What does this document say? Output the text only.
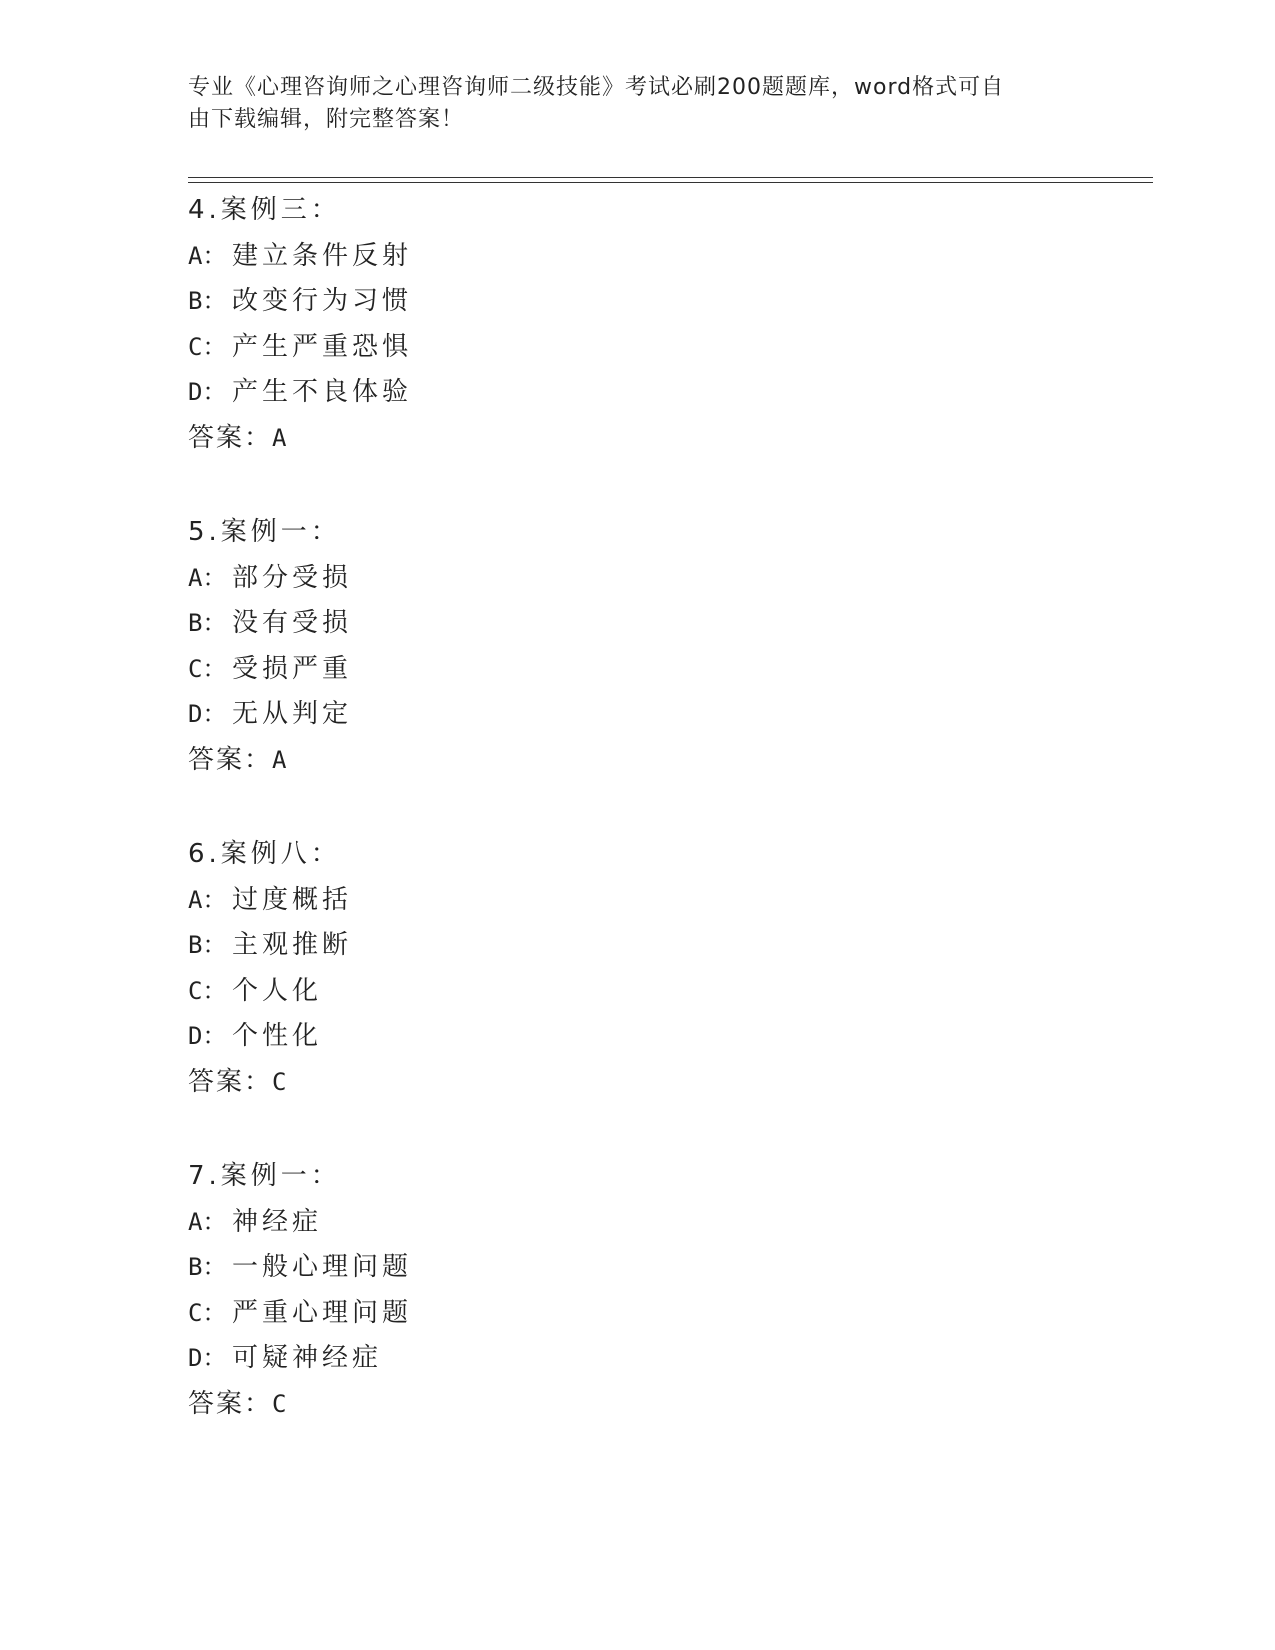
专业《心理咨询师之心理咨询师二级技能》考试必刷200题题库，word格式可自
由下载编辑，附完整答案！
4.案例三：
A： 建立条件反射
B： 改变行为习惯
C： 产生严重恐惧
D： 产生不良体验
答案：A
5.案例一：
A： 部分受损
B： 没有受损
C： 受损严重
D： 无从判定
答案：A
6.案例八：
A： 过度概括
B： 主观推断
C： 个人化
D： 个性化
答案：C
7.案例一：
A： 神经症
B： 一般心理问题
C： 严重心理问题
D： 可疑神经症
答案：C
